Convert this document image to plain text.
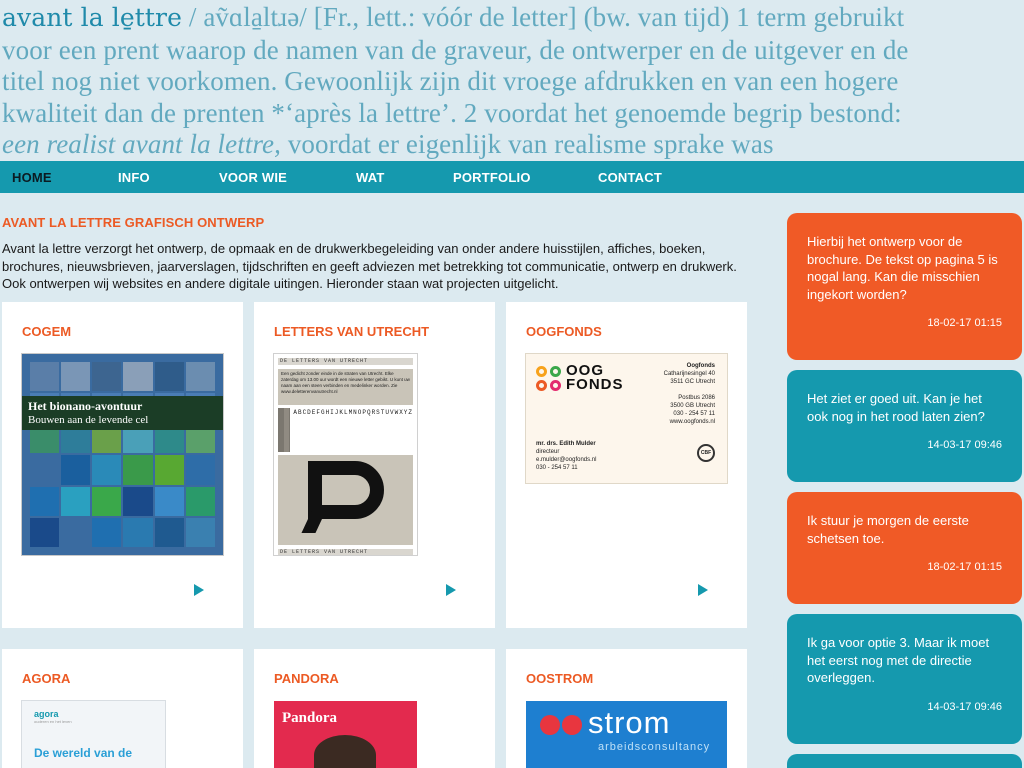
avant la le̱ttre / aṽɑla̱ltɹə/ [Fr., lett.: vóór de letter] (bw. van tijd) 1 term gebruikt

voor een prent waarop de namen van de graveur, de ontwerper en de uitgever en de

titel nog niet voorkomen. Gewoonlijk zijn dit vroege afdrukken en van een hogere

kwaliteit dan de prenten *‘après la lettre’. 2 voordat het genoemde begrip bestond:

een realist avant la lettre, voordat er eigenlijk van realisme sprake was

HOME	INFO	VOOR WIE	WAT	PORTFOLIO	CONTACT
AVANT LA LETTRE GRAFISCH ONTWERP

Avant la lettre verzorgt het ontwerp, de opmaak en de drukwerkbegeleiding van onder andere huisstijlen, affiches, boeken, brochures, nieuwsbrieven, jaarverslagen, tijdschriften en geeft adviezen met betrekking tot communicatie, ontwerp en drukwerk. Ook ontwerpen wij websites en andere digitale uitingen. Hieronder staan wat projecten uitgelicht.

COGEM
Het bionano-avontuur
Bouwen aan de levende cel
LETTERS VAN UTRECHT
DE LETTERS VAN UTRECHT
Een gedicht zonder einde in de straten van Utrecht. Elke zaterdag om 13.00 uur wordt een nieuwe letter gebikt. U kunt uw naam aan een steen verbinden en medelinker worden. Zie www.deletterenvanutrecht.nl
ABCDEFGHIJKLMNOPQRSTUVWXYZ
DE LETTERS VAN UTRECHT
OOGFONDS
OOG
FONDS
Oogfonds
Catharijnesingel 40
3511 GC Utrecht

Postbus 2086
3500 GB Utrecht
030 - 254 57 11
www.oogfonds.nl
mr. drs. Edith Mulder
directeur
e.mulder@oogfonds.nl
030 - 254 57 11
CBF
AGORA
agora
ouderen en het leven
De wereld van de
PANDORA
Pandora
OOSTROM
strom
arbeidsconsultancy
Hierbij het ontwerp voor de brochure. De tekst op pagina 5 is nogal lang. Kan die misschien ingekort worden?
18-02-17 01:15
Het ziet er goed uit. Kan je het ook nog in het rood laten zien?
14-03-17 09:46
Ik stuur je morgen de eerste schetsen toe.
18-02-17 01:15
Ik ga voor optie 3. Maar ik moet het eerst nog met de directie overleggen.
14-03-17 09:46
